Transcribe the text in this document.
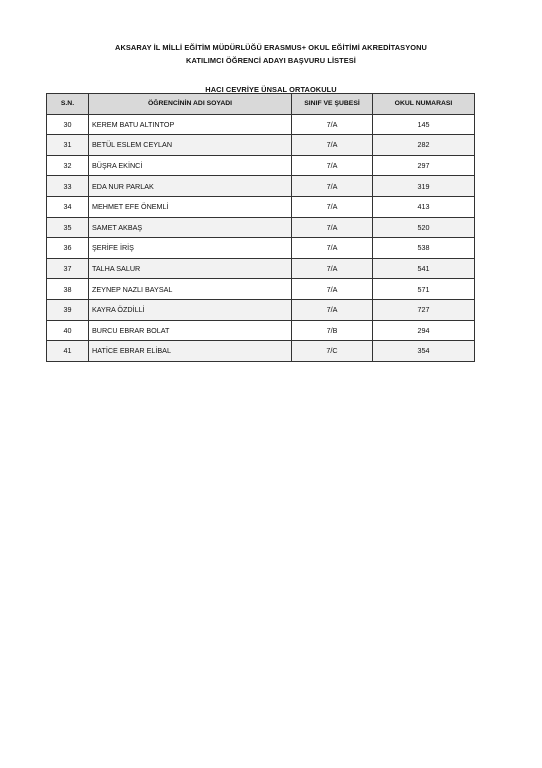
AKSARAY İL MİLLİ EĞİTİM MÜDÜRLÜĞÜ ERASMUS+ OKUL EĞİTİMİ AKREDİTASYONU
KATILIMCI ÖĞRENCİ ADAYI BAŞVURU LİSTESİ
HACI CEVRİYE ÜNSAL ORTAOKULU
S.N.	ÖĞRENCİNİN ADI SOYADI	SINIF VE ŞUBESİ	OKUL NUMARASI
30	KEREM BATU ALTINTOP	7/A	145
31	BETÜL ESLEM CEYLAN	7/A	282
32	BÜŞRA EKİNCİ	7/A	297
33	EDA NUR PARLAK	7/A	319
34	MEHMET EFE ÖNEMLİ	7/A	413
35	SAMET AKBAŞ	7/A	520
36	ŞERİFE İRİŞ	7/A	538
37	TALHA SALUR	7/A	541
38	ZEYNEP NAZLI BAYSAL	7/A	571
39	KAYRA ÖZDİLLİ	7/A	727
40	BURCU EBRAR BOLAT	7/B	294
41	HATİCE EBRAR ELİBAL	7/C	354
